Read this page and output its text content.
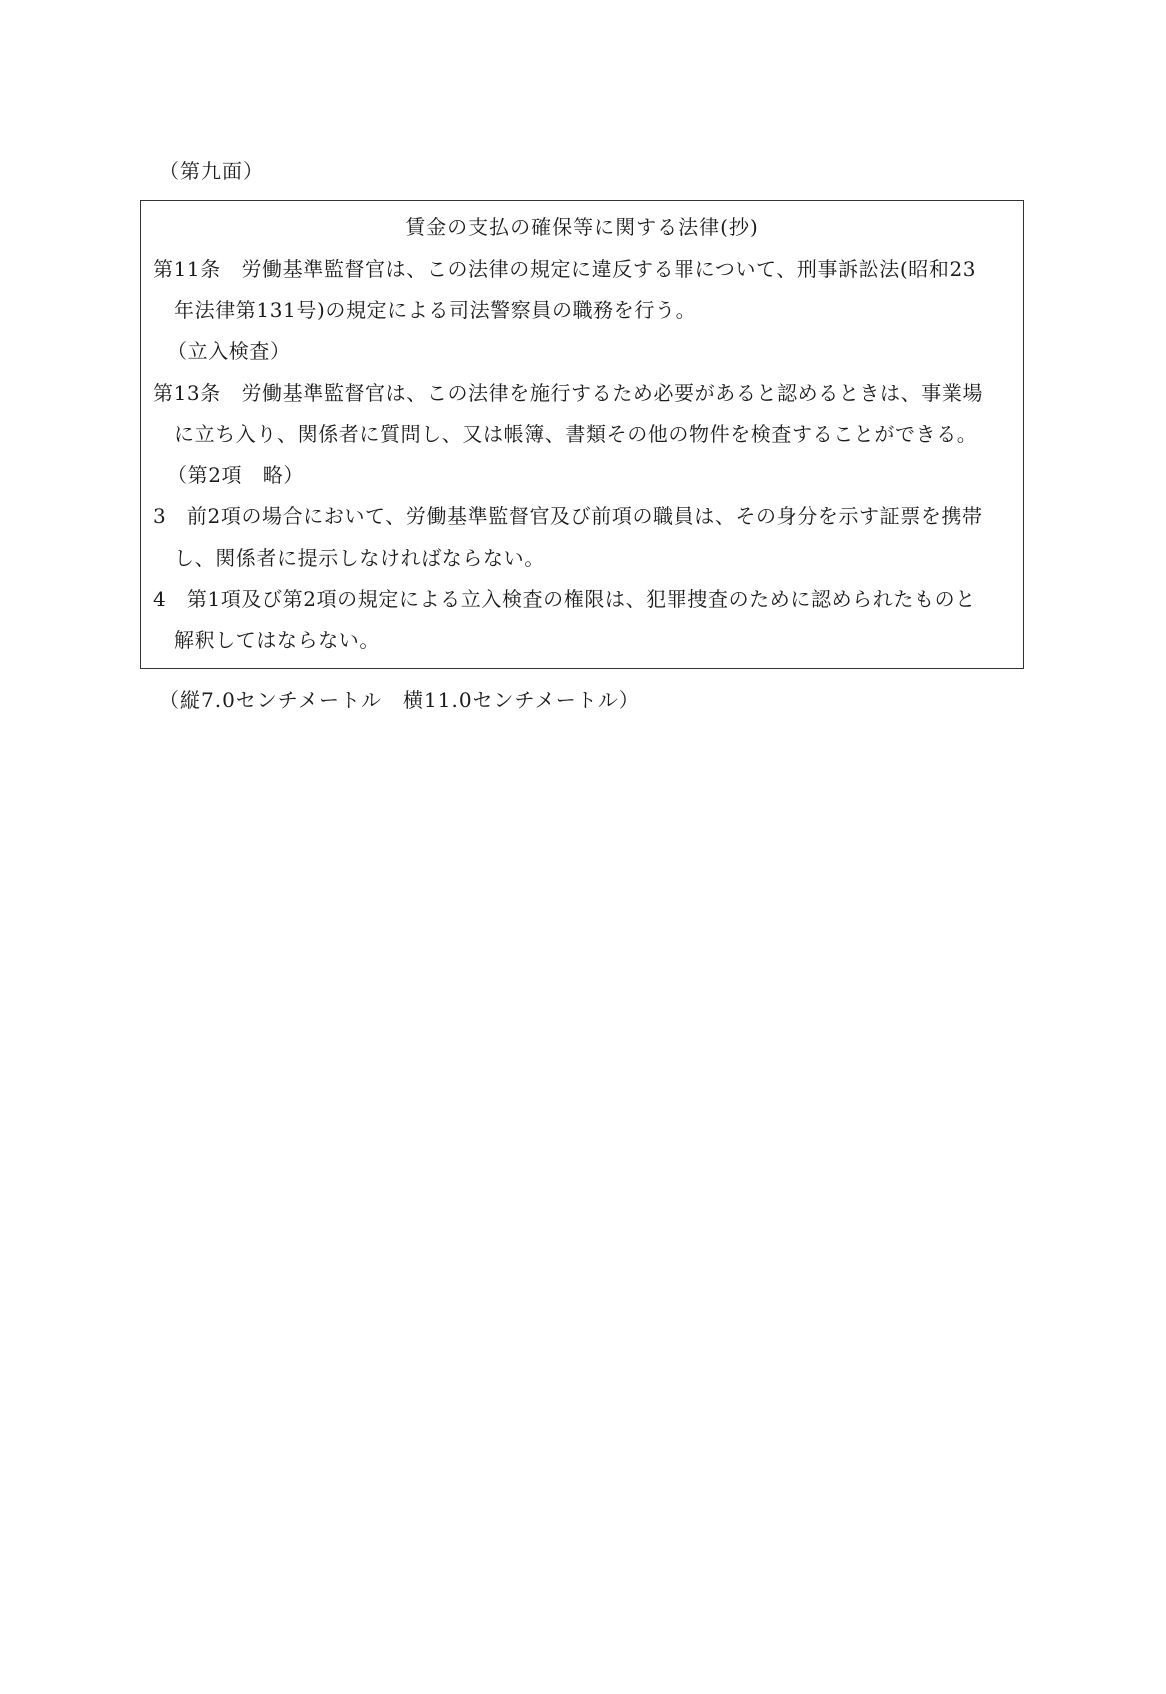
（第九面）
賃金の支払の確保等に関する法律(抄)
第11条　労働基準監督官は、この法律の規定に違反する罪について、刑事訴訟法(昭和23
年法律第131号)の規定による司法警察員の職務を行う。
（立入検査）
第13条　労働基準監督官は、この法律を施行するため必要があると認めるときは、事業場
に立ち入り、関係者に質問し、又は帳簿、書類その他の物件を検査することができる。
（第2項　略）
3　前2項の場合において、労働基準監督官及び前項の職員は、その身分を示す証票を携帯
し、関係者に提示しなければならない。
4　第1項及び第2項の規定による立入検査の権限は、犯罪捜査のために認められたものと
解釈してはならない。
（縦7.0センチメートル　横11.0センチメートル）
